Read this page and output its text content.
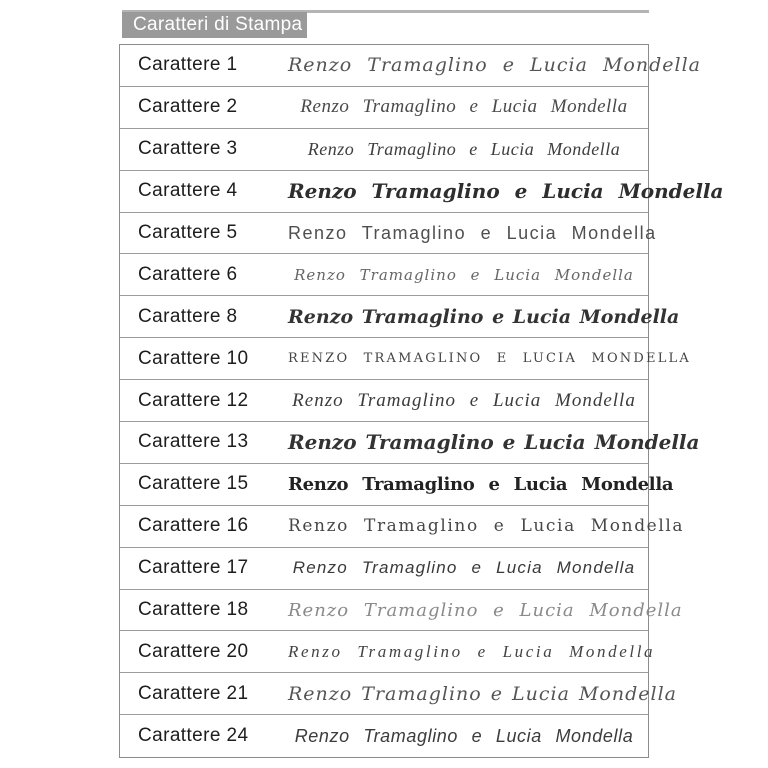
Caratteri di Stampa
Carattere 1	Renzo Tramaglino e Lucia Mondella
Carattere 2	Renzo Tramaglino e Lucia Mondella
Carattere 3	Renzo Tramaglino e Lucia Mondella
Carattere 4	Renzo Tramaglino e Lucia Mondella
Carattere 5	Renzo Tramaglino e Lucia Mondella
Carattere 6	Renzo Tramaglino e Lucia Mondella
Carattere 8	Renzo Tramaglino e Lucia Mondella
Carattere 10	RENZO TRAMAGLINO E LUCIA MONDELLA
Carattere 12	Renzo Tramaglino e Lucia Mondella
Carattere 13	Renzo Tramaglino e Lucia Mondella
Carattere 15	Renzo Tramaglino e Lucia Mondella
Carattere 16	Renzo Tramaglino e Lucia Mondella
Carattere 17	Renzo Tramaglino e Lucia Mondella
Carattere 18	Renzo Tramaglino e Lucia Mondella
Carattere 20	Renzo Tramaglino e Lucia Mondella
Carattere 21	Renzo Tramaglino e Lucia Mondella
Carattere 24	Renzo Tramaglino e Lucia Mondella
